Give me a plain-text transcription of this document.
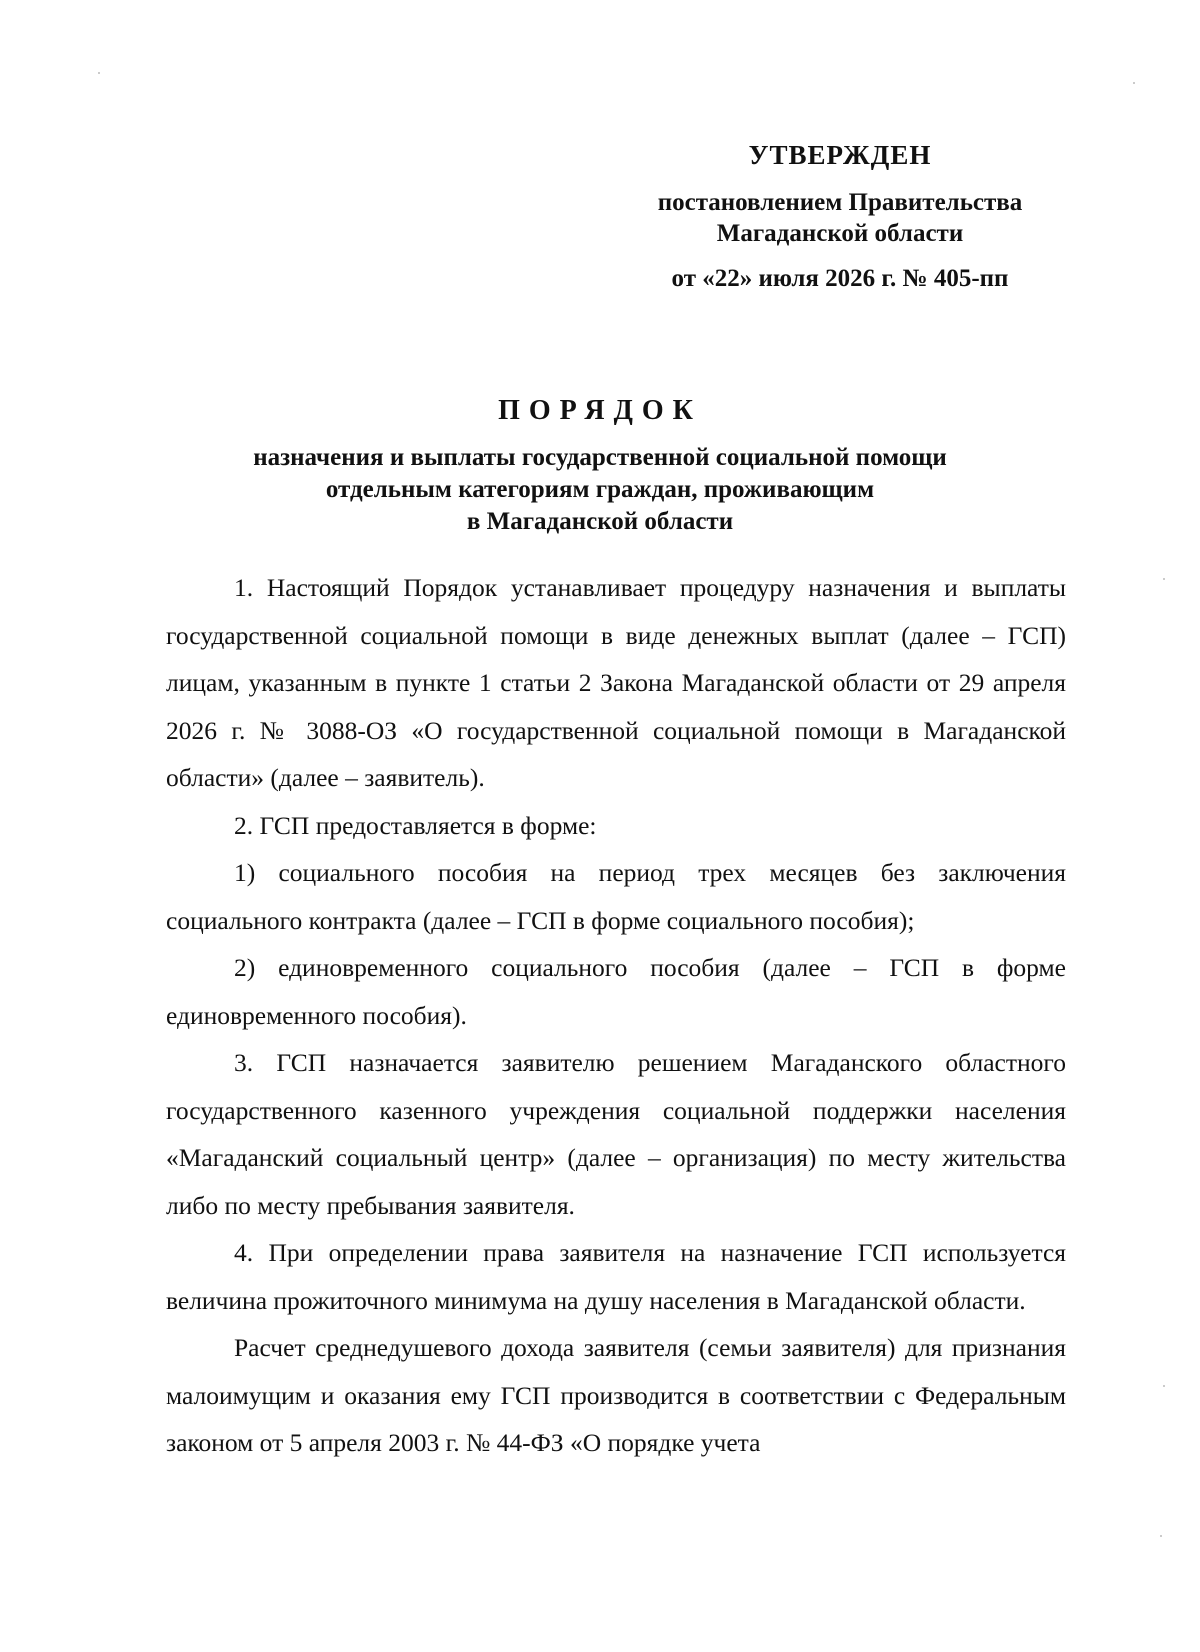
УТВЕРЖДЕН
постановлением Правительства
Магаданской области
от «22» июля 2026 г. № 405-пп
ПОРЯДОК
назначения и выплаты государственной социальной помощи
отдельным категориям граждан, проживающим
в Магаданской области

1. Настоящий Порядок устанавливает процедуру назначения и выплаты государственной социальной помощи в виде денежных выплат (далее – ГСП) лицам, указанным в пункте 1 статьи 2 Закона Магаданской области от 29 апреля 2026 г. № 3088-ОЗ «О государственной социальной помощи в Магаданской области» (далее – заявитель).

2. ГСП предоставляется в форме:

1) социального пособия на период трех месяцев без заключения социального контракта (далее – ГСП в форме социального пособия);

2) единовременного социального пособия (далее – ГСП в форме единовременного пособия).

3. ГСП назначается заявителю решением Магаданского областного государственного казенного учреждения социальной поддержки населения «Магаданский социальный центр» (далее – организация) по месту жительства либо по месту пребывания заявителя.

4. При определении права заявителя на назначение ГСП используется величина прожиточного минимума на душу населения в Магаданской области.

Расчет среднедушевого дохода заявителя (семьи заявителя) для признания малоимущим и оказания ему ГСП производится в соответствии с Федеральным законом от 5 апреля 2003 г. № 44-ФЗ «О порядке учета
